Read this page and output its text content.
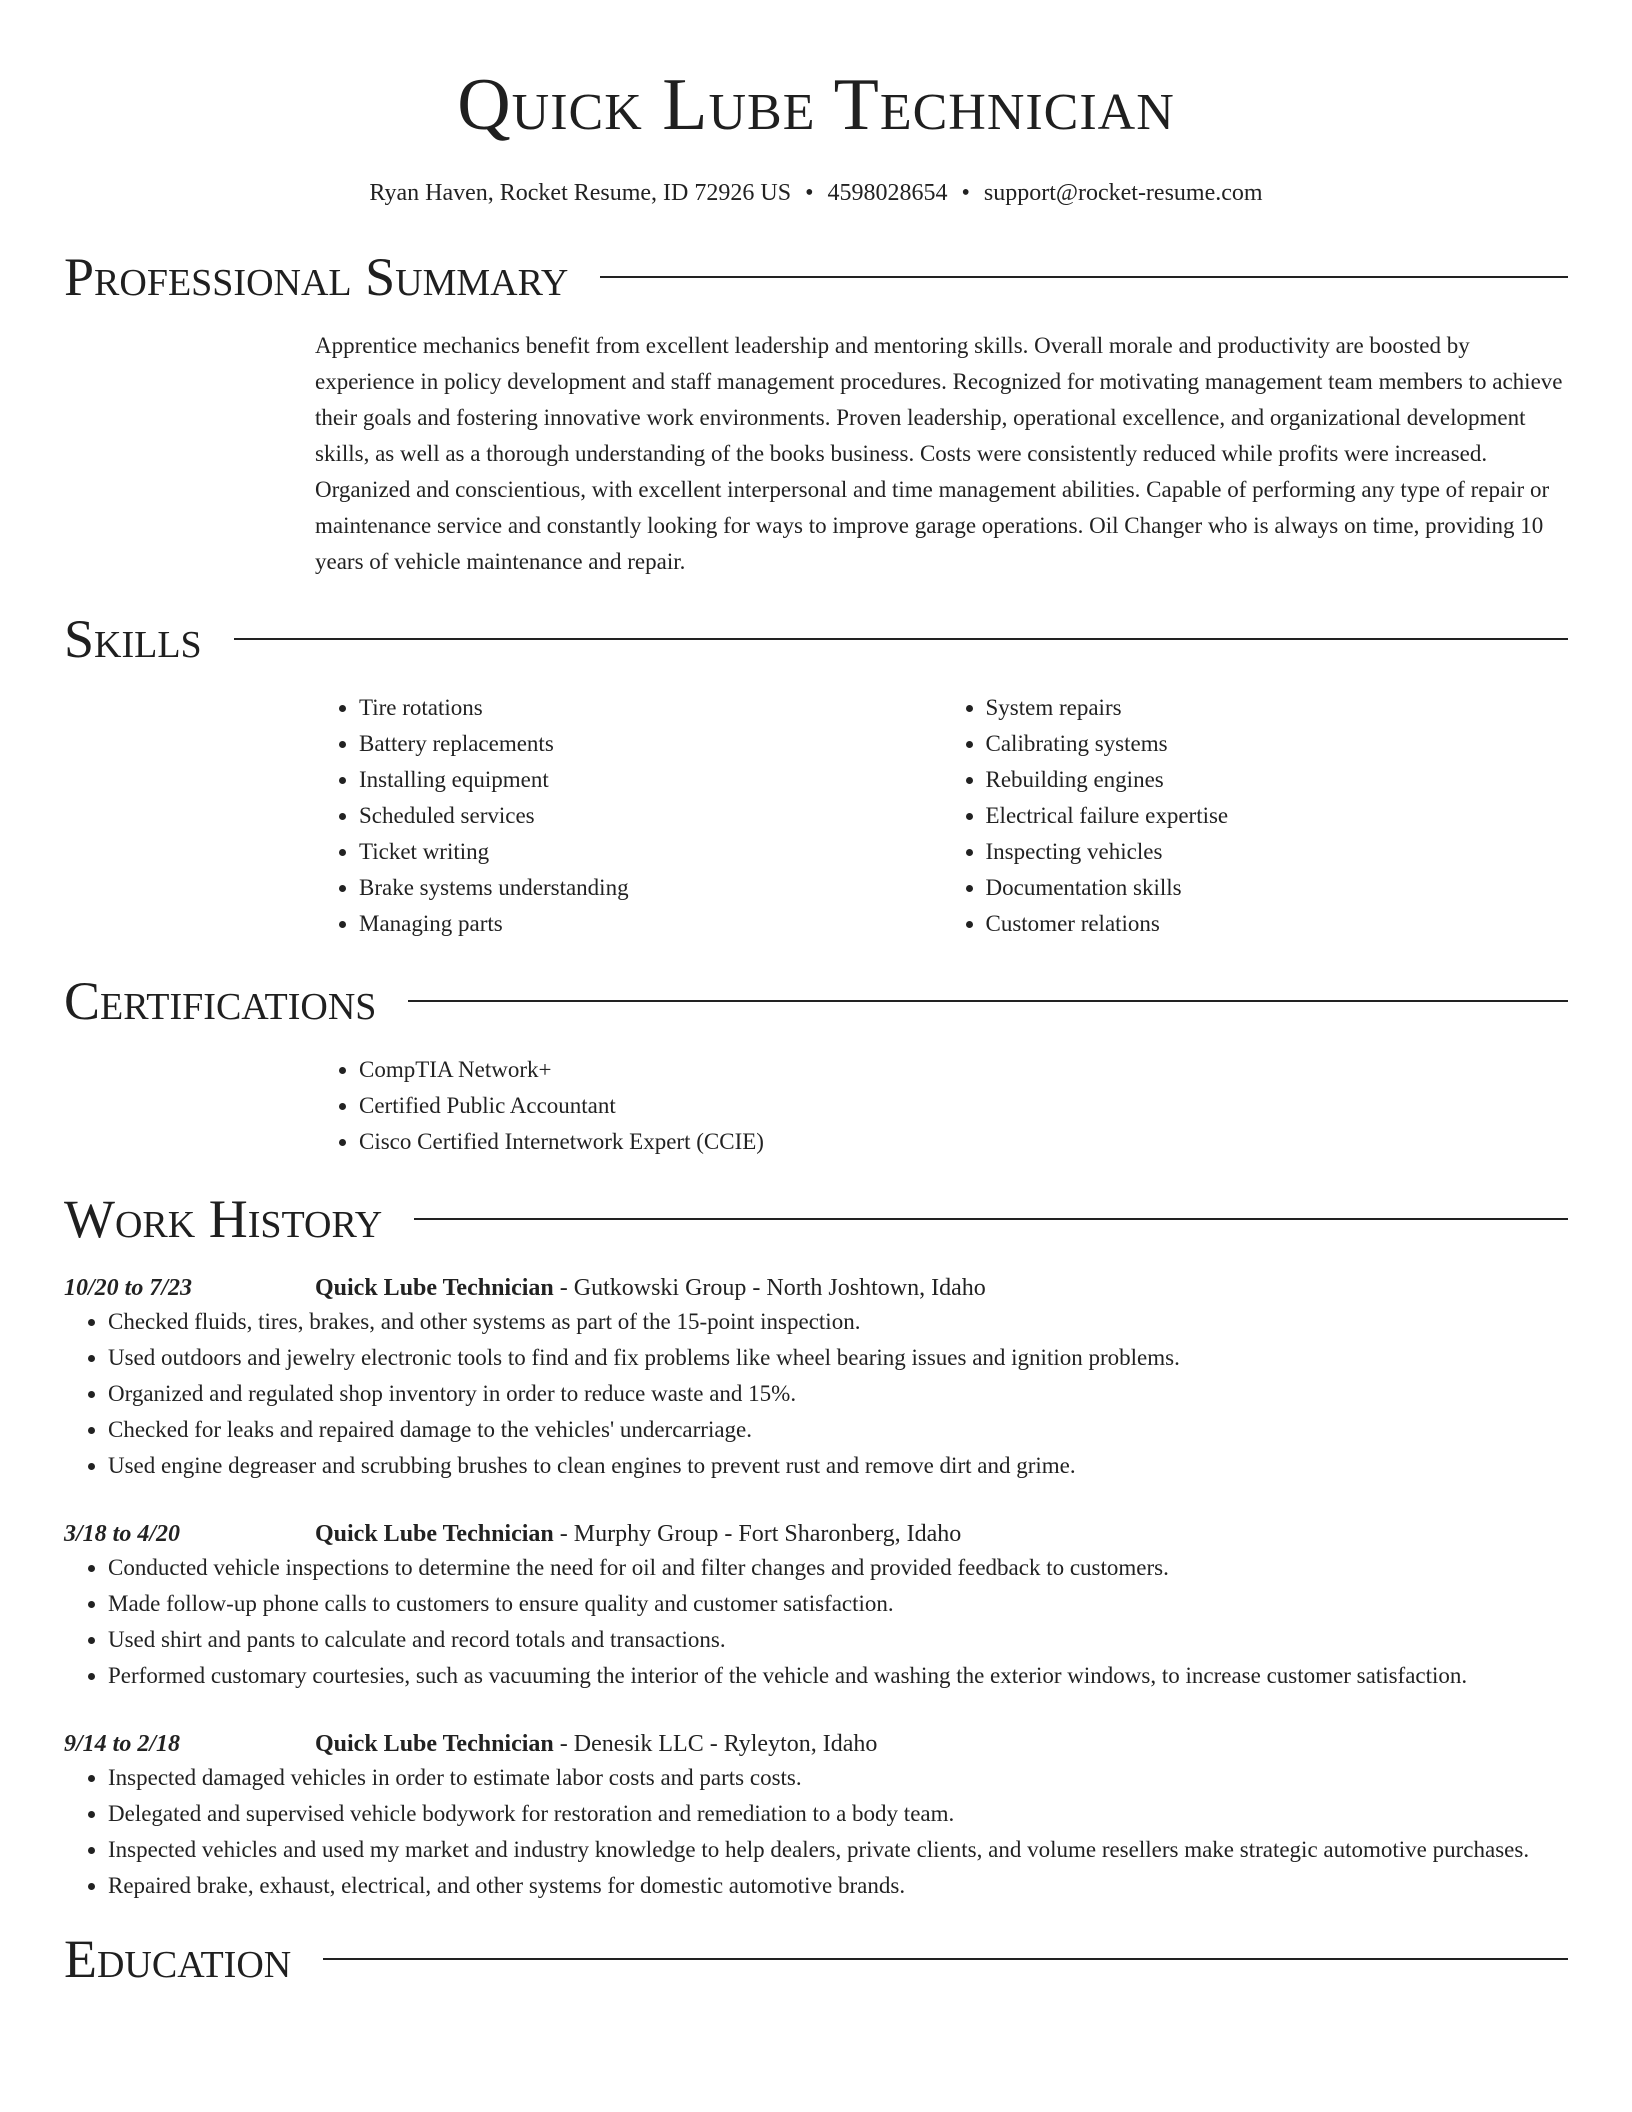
Quick Lube Technician
Ryan Haven, Rocket Resume, ID 72926 US • 4598028654 • support@rocket-resume.com
Professional Summary
Apprentice mechanics benefit from excellent leadership and mentoring skills. Overall morale and productivity are boosted by experience in policy development and staff management procedures. Recognized for motivating management team members to achieve their goals and fostering innovative work environments. Proven leadership, operational excellence, and organizational development skills, as well as a thorough understanding of the books business. Costs were consistently reduced while profits were increased. Organized and conscientious, with excellent interpersonal and time management abilities. Capable of performing any type of repair or maintenance service and constantly looking for ways to improve garage operations. Oil Changer who is always on time, providing 10 years of vehicle maintenance and repair.
Skills
• Tire rotations
• Battery replacements
• Installing equipment
• Scheduled services
• Ticket writing
• Brake systems understanding
• Managing parts
• System repairs
• Calibrating systems
• Rebuilding engines
• Electrical failure expertise
• Inspecting vehicles
• Documentation skills
• Customer relations
Certifications
• CompTIA Network+
• Certified Public Accountant
• Cisco Certified Internetwork Expert (CCIE)
Work History
10/20 to 7/23	Quick Lube Technician - Gutkowski Group - North Joshtown, Idaho
• Checked fluids, tires, brakes, and other systems as part of the 15-point inspection.
• Used outdoors and jewelry electronic tools to find and fix problems like wheel bearing issues and ignition problems.
• Organized and regulated shop inventory in order to reduce waste and 15%.
• Checked for leaks and repaired damage to the vehicles' undercarriage.
• Used engine degreaser and scrubbing brushes to clean engines to prevent rust and remove dirt and grime.
3/18 to 4/20	Quick Lube Technician - Murphy Group - Fort Sharonberg, Idaho
• Conducted vehicle inspections to determine the need for oil and filter changes and provided feedback to customers.
• Made follow-up phone calls to customers to ensure quality and customer satisfaction.
• Used shirt and pants to calculate and record totals and transactions.
• Performed customary courtesies, such as vacuuming the interior of the vehicle and washing the exterior windows, to increase customer satisfaction.
9/14 to 2/18	Quick Lube Technician - Denesik LLC - Ryleyton, Idaho
• Inspected damaged vehicles in order to estimate labor costs and parts costs.
• Delegated and supervised vehicle bodywork for restoration and remediation to a body team.
• Inspected vehicles and used my market and industry knowledge to help dealers, private clients, and volume resellers make strategic automotive purchases.
• Repaired brake, exhaust, electrical, and other systems for domestic automotive brands.
Education
